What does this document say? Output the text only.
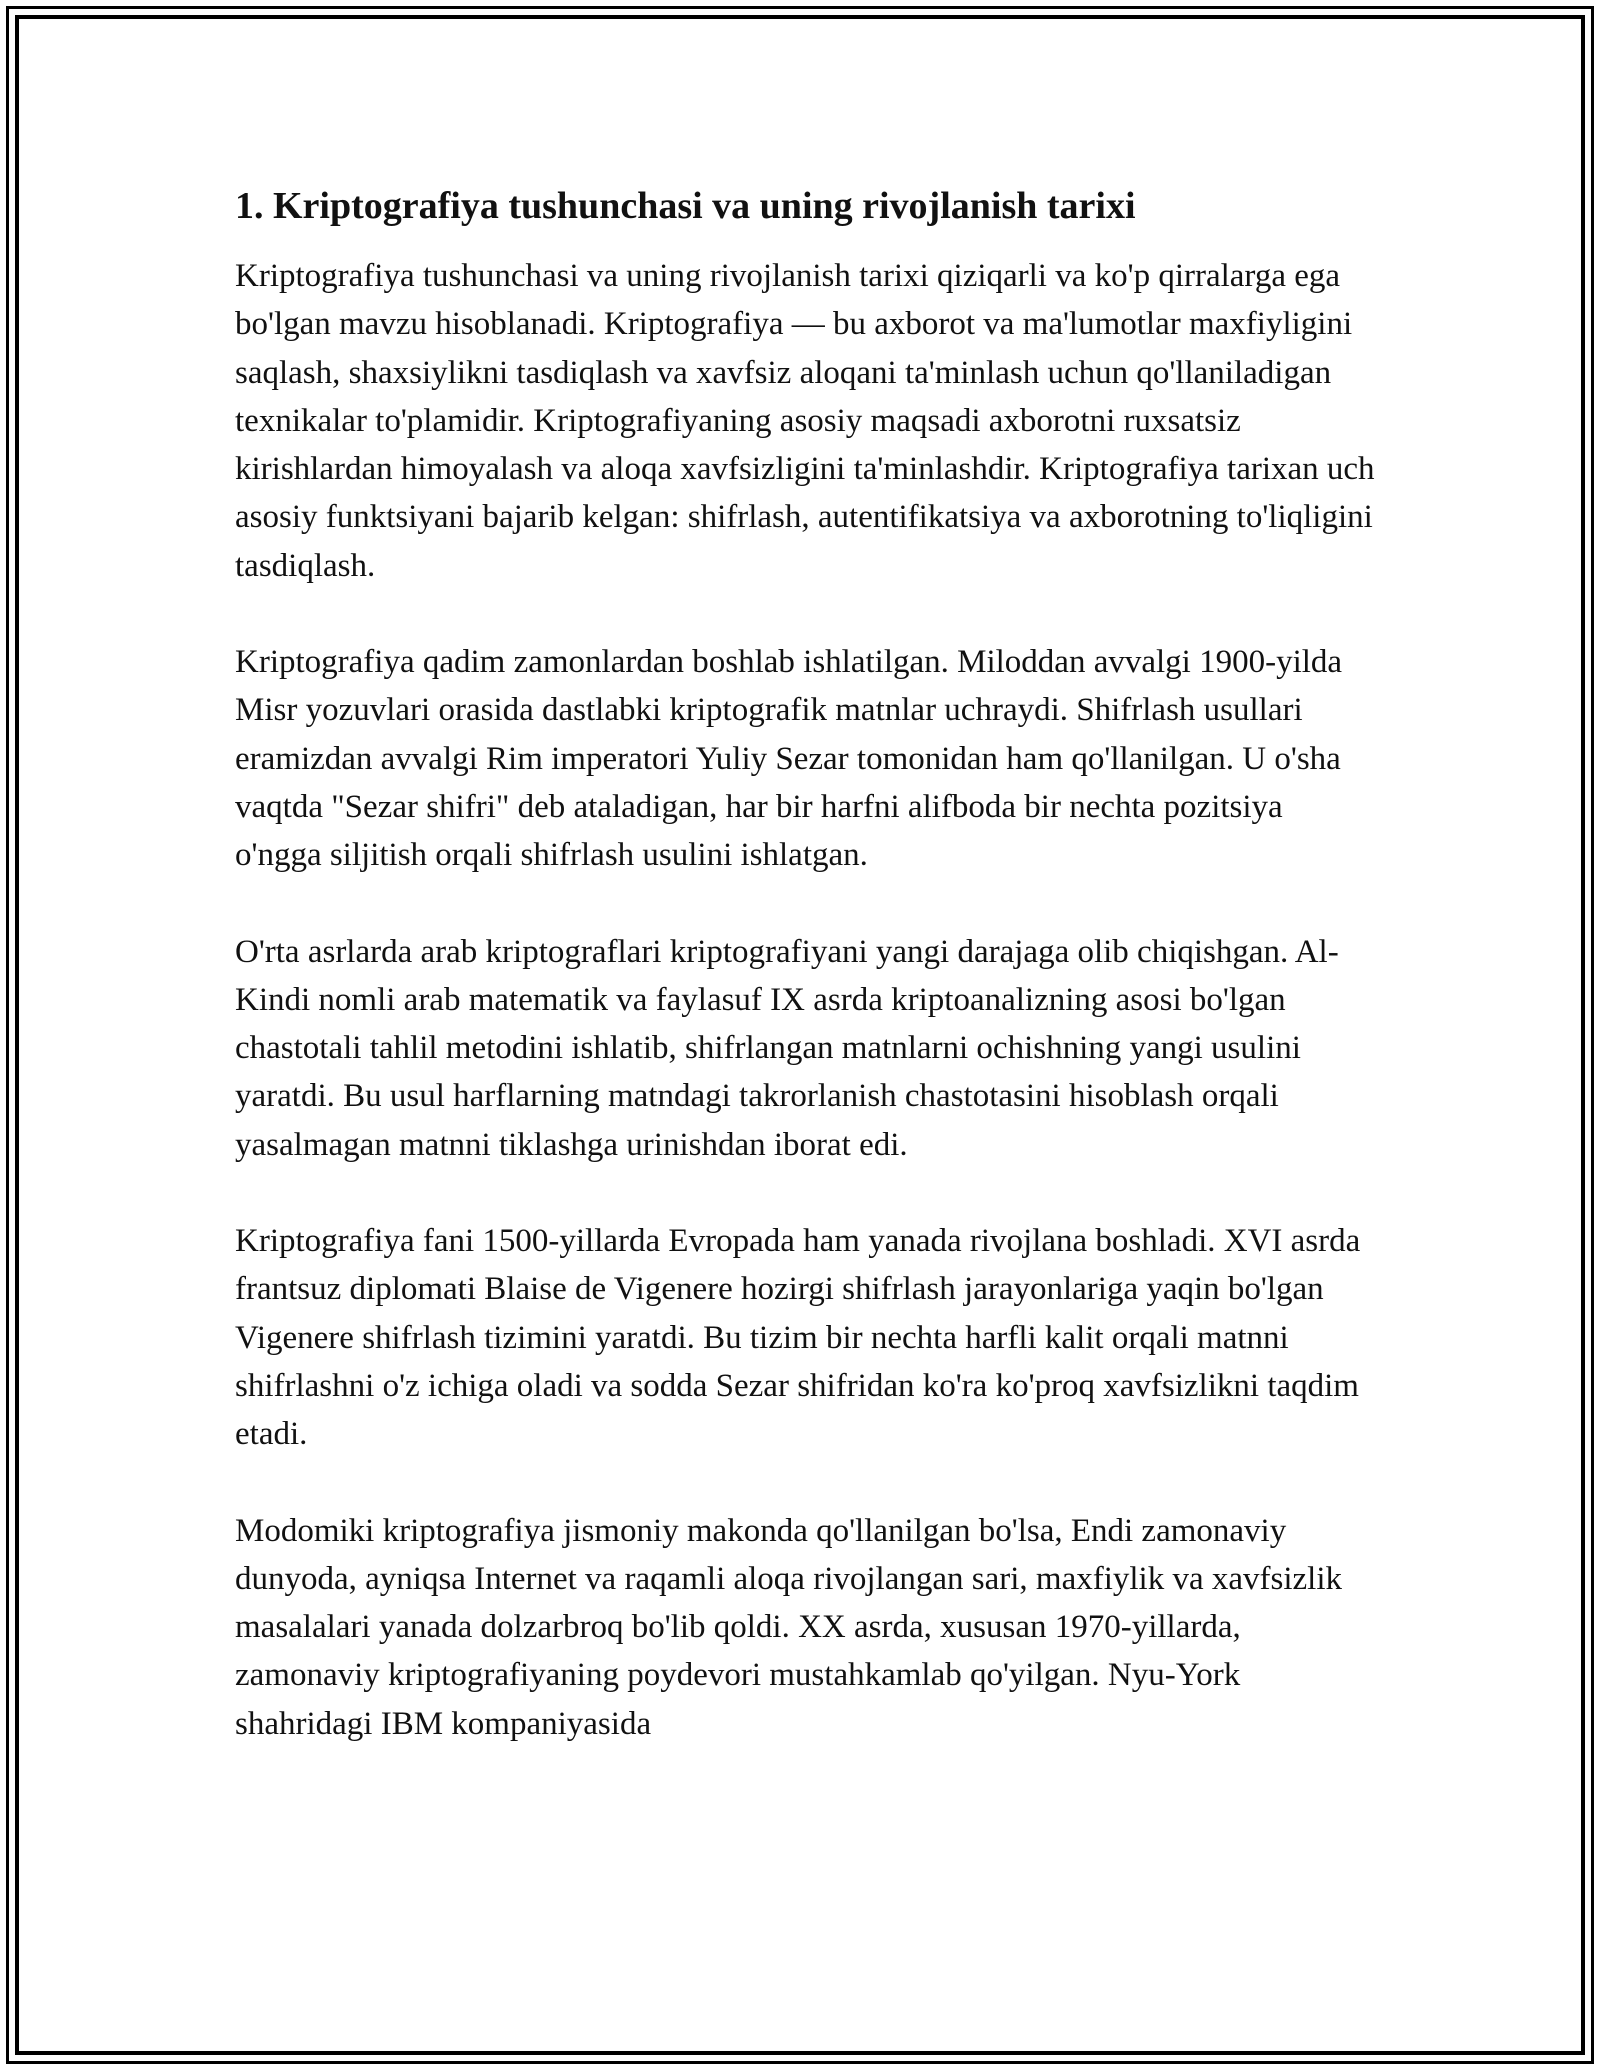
1. Kriptografiya tushunchasi va uning rivojlanish tarixi

Kriptografiya tushunchasi va uning rivojlanish tarixi qiziqarli va ko'p qirralarga ega bo'lgan mavzu hisoblanadi. Kriptografiya — bu axborot va ma'lumotlar maxfiyligini saqlash, shaxsiylikni tasdiqlash va xavfsiz aloqani ta'minlash uchun qo'llaniladigan texnikalar to'plamidir. Kriptografiyaning asosiy maqsadi axborotni ruxsatsiz kirishlardan himoyalash va aloqa xavfsizligini ta'minlashdir. Kriptografiya tarixan uch asosiy funktsiyani bajarib kelgan: shifrlash, autentifikatsiya va axborotning to'liqligini tasdiqlash.

Kriptografiya qadim zamonlardan boshlab ishlatilgan. Miloddan avvalgi 1900-yilda Misr yozuvlari orasida dastlabki kriptografik matnlar uchraydi. Shifrlash usullari eramizdan avvalgi Rim imperatori Yuliy Sezar tomonidan ham qo'llanilgan. U o'sha vaqtda "Sezar shifri" deb ataladigan, har bir harfni alifboda bir nechta pozitsiya o'ngga siljitish orqali shifrlash usulini ishlatgan.

O'rta asrlarda arab kriptograflari kriptografiyani yangi darajaga olib chiqishgan. Al-Kindi nomli arab matematik va faylasuf IX asrda kriptoanalizning asosi bo'lgan chastotali tahlil metodini ishlatib, shifrlangan matnlarni ochishning yangi usulini yaratdi. Bu usul harflarning matndagi takrorlanish chastotasini hisoblash orqali yasalmagan matnni tiklashga urinishdan iborat edi.

Kriptografiya fani 1500-yillarda Evropada ham yanada rivojlana boshladi. XVI asrda frantsuz diplomati Blaise de Vigenere hozirgi shifrlash jarayonlariga yaqin bo'lgan Vigenere shifrlash tizimini yaratdi. Bu tizim bir nechta harfli kalit orqali matnni shifrlashni o'z ichiga oladi va sodda Sezar shifridan ko'ra ko'proq xavfsizlikni taqdim etadi.

Modomiki kriptografiya jismoniy makonda qo'llanilgan bo'lsa, Endi zamonaviy dunyoda, ayniqsa Internet va raqamli aloqa rivojlangan sari, maxfiylik va xavfsizlik masalalari yanada dolzarbroq bo'lib qoldi. XX asrda, xususan 1970-yillarda, zamonaviy kriptografiyaning poydevori mustahkamlab qo'yilgan. Nyu-York shahridagi IBM kompaniyasida
